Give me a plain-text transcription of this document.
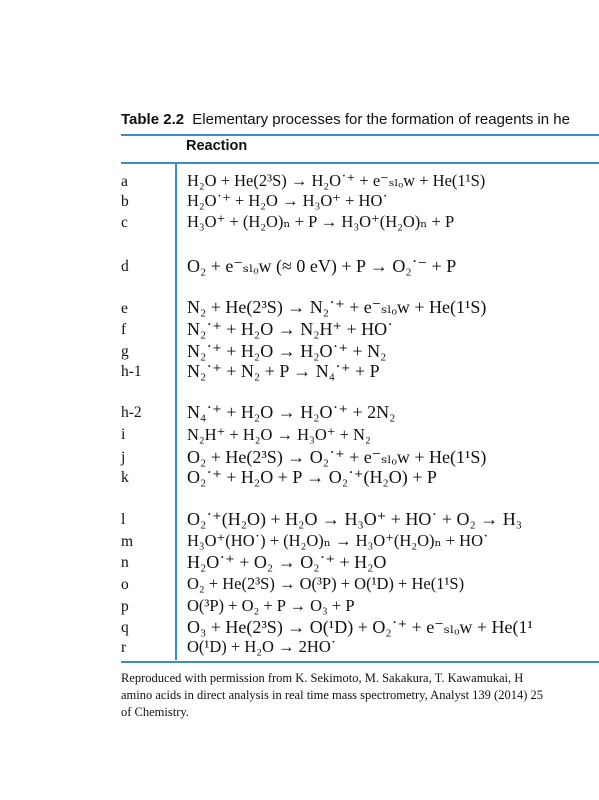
Table 2.2 Elementary processes for the formation of reagents in he
Reaction
a
b
c
d
e
f
g
h-1
h-2
i
j
k
l
m
n
o
p
q
r
H₂O + He(2³S) → H₂O˙⁺ + e⁻ₛₗₒw + He(1¹S)
H₂O˙⁺ + H₂O → H₃O⁺ + HO˙
H₃O⁺ + (H₂O)ₙ + P → H₃O⁺(H₂O)ₙ + P
O₂ + e⁻ₛₗₒw (≈ 0 eV) + P → O₂˙⁻ + P
N₂ + He(2³S) → N₂˙⁺ + e⁻ₛₗₒw + He(1¹S)
N₂˙⁺ + H₂O → N₂H⁺ + HO˙
N₂˙⁺ + H₂O → H₂O˙⁺ + N₂
N₂˙⁺ + N₂ + P → N₄˙⁺ + P
N₄˙⁺ + H₂O → H₂O˙⁺ + 2N₂
N₂H⁺ + H₂O → H₃O⁺ + N₂
O₂ + He(2³S) → O₂˙⁺ + e⁻ₛₗₒw + He(1¹S)
O₂˙⁺ + H₂O + P → O₂˙⁺(H₂O) + P
O₂˙⁺(H₂O) + H₂O → H₃O⁺ + HO˙ + O₂ → H₃
H₃O⁺(HO˙) + (H₂O)ₙ → H₃O⁺(H₂O)ₙ + HO˙
H₂O˙⁺ + O₂ → O₂˙⁺ + H₂O
O₂ + He(2³S) → O(³P) + O(¹D) + He(1¹S)
O(³P) + O₂ + P → O₃ + P
O₃ + He(2³S) → O(¹D) + O₂˙⁺ + e⁻ₛₗₒw + He(1¹
O(¹D) + H₂O → 2HO˙
Reproduced with permission from K. Sekimoto, M. Sakakura, T. Kawamukai, H
amino acids in direct analysis in real time mass spectrometry, Analyst 139 (2014) 25
of Chemistry.
